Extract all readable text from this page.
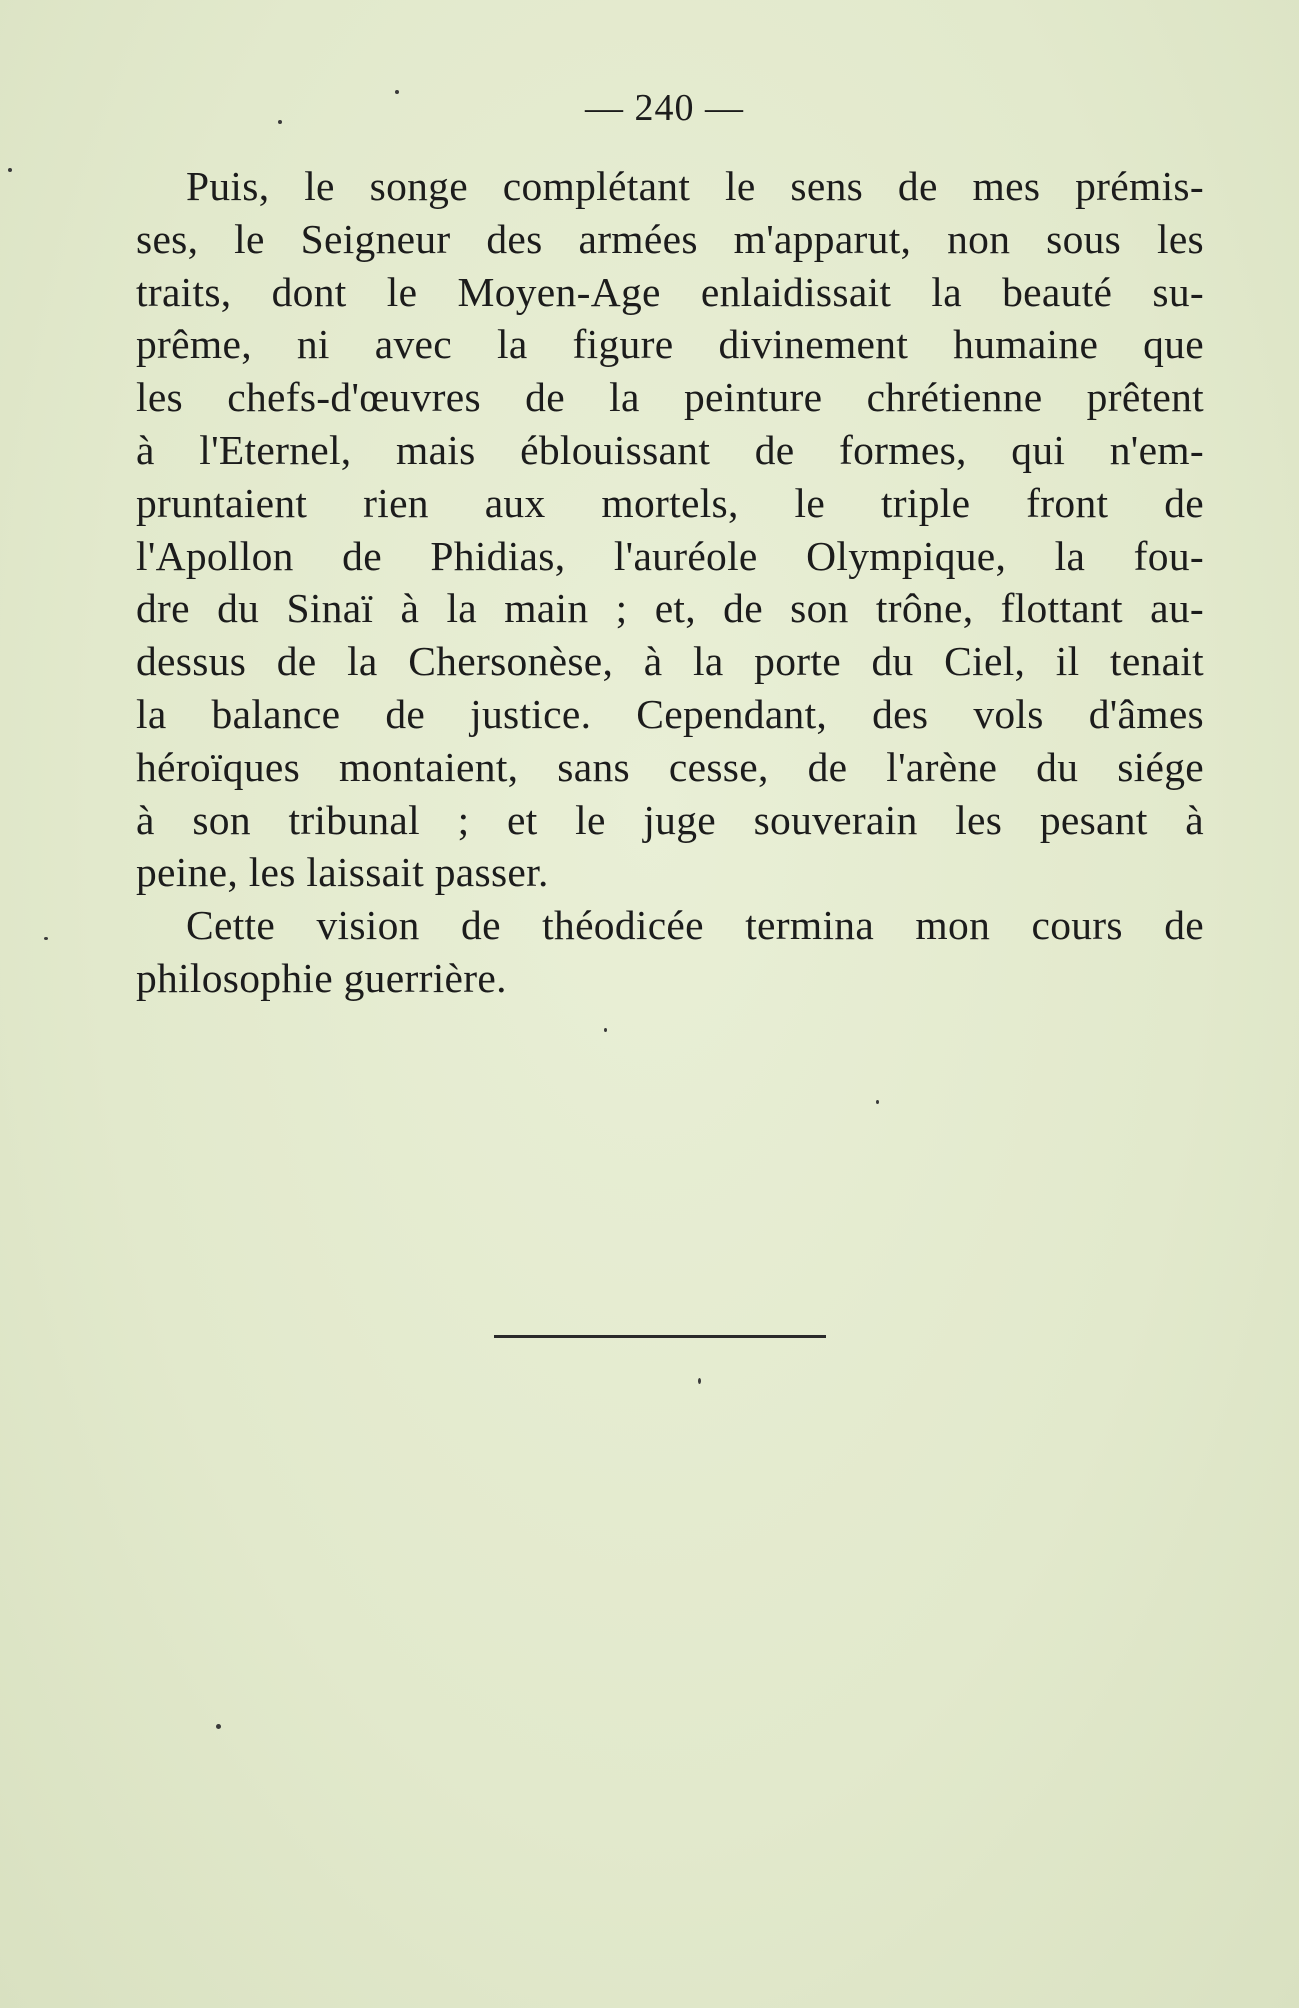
— 240 —
Puis, le songe complétant le sens de mes prémis-
ses, le Seigneur des armées m'apparut, non sous les
traits, dont le Moyen-Age enlaidissait la beauté su-
prême, ni avec la figure divinement humaine que
les chefs-d'œuvres de la peinture chrétienne prêtent
à l'Eternel, mais éblouissant de formes, qui n'em-
pruntaient rien aux mortels, le triple front de
l'Apollon de Phidias, l'auréole Olympique, la fou-
dre du Sinaï à la main ; et, de son trône, flottant au-
dessus de la Chersonèse, à la porte du Ciel, il tenait
la balance de justice. Cependant, des vols d'âmes
héroïques montaient, sans cesse, de l'arène du siége
à son tribunal ; et le juge souverain les pesant à
peine, les laissait passer.
Cette vision de théodicée termina mon cours de
philosophie guerrière.
